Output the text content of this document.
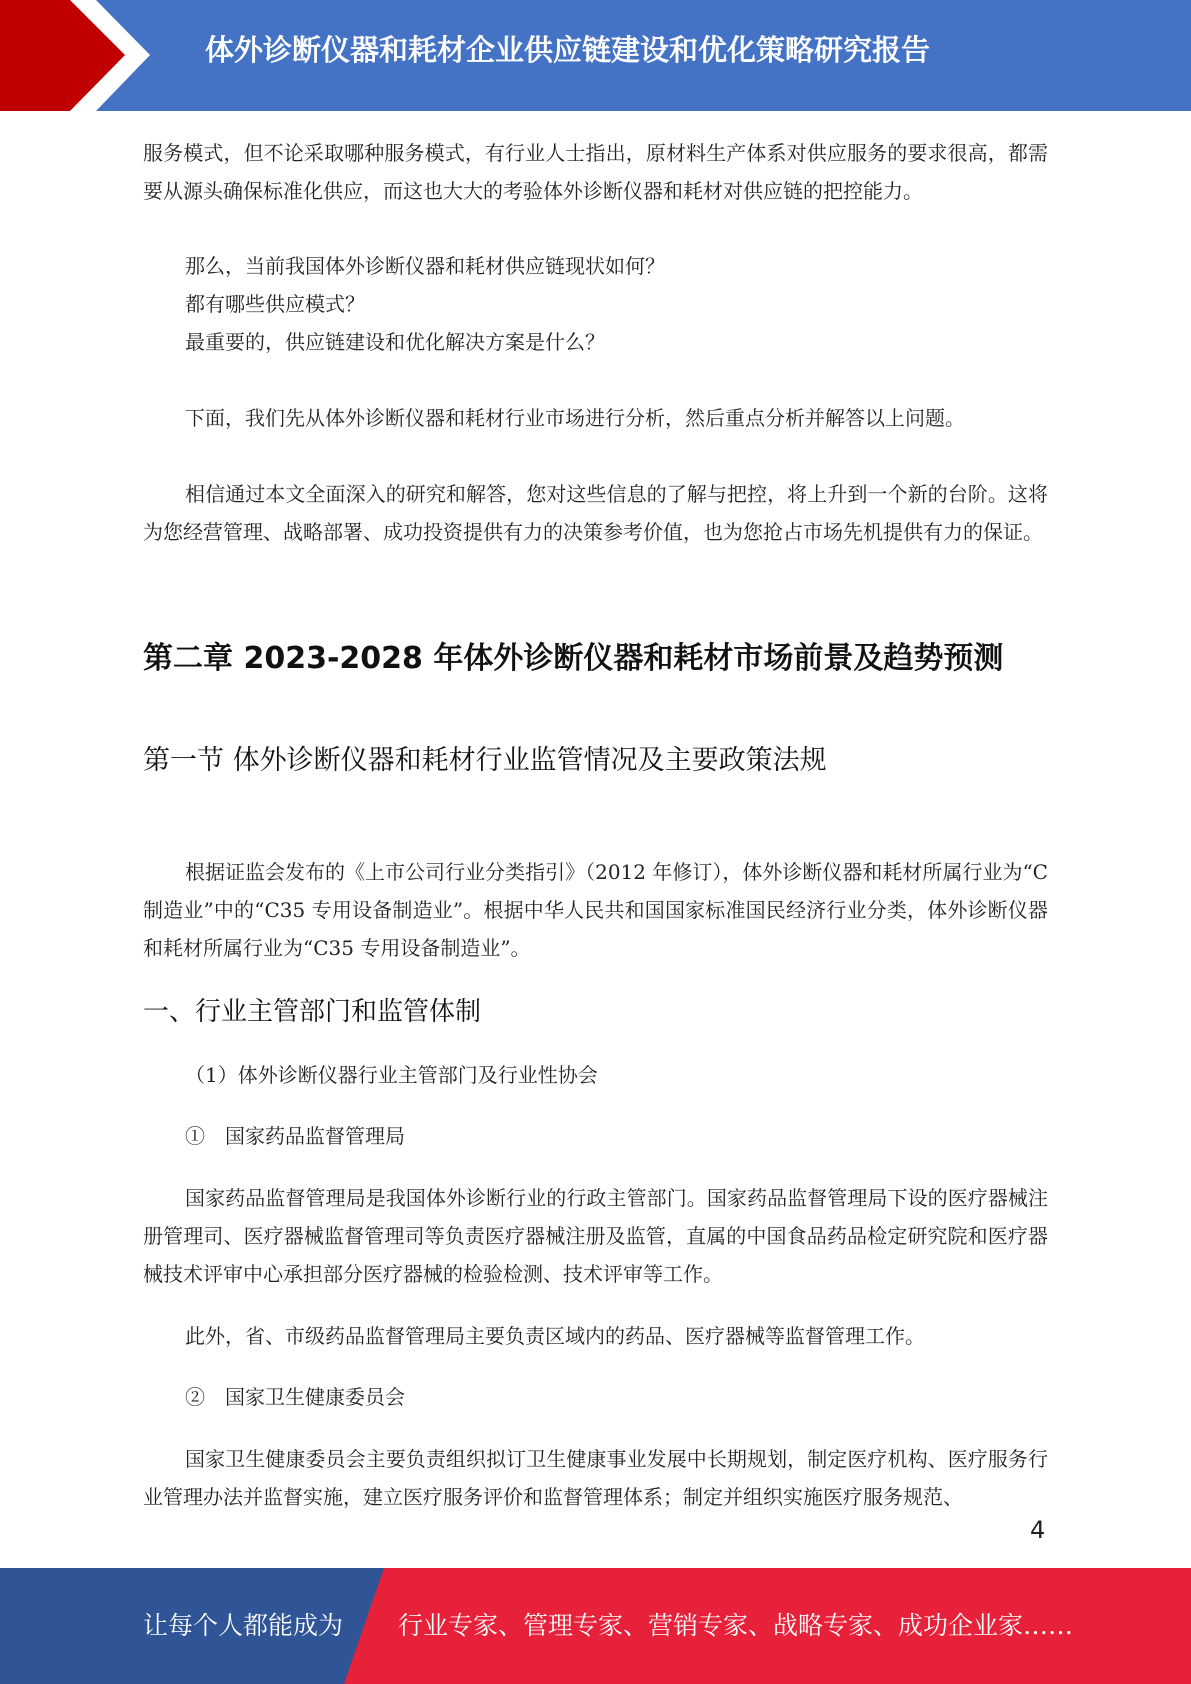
体外诊断仪器和耗材企业供应链建设和优化策略研究报告
服务模式，但不论采取哪种服务模式，有行业人士指出，原材料生产体系对供应服务的要求很高，都需要从源头确保标准化供应，而这也大大的考验体外诊断仪器和耗材对供应链的把控能力。
那么，当前我国体外诊断仪器和耗材供应链现状如何？
都有哪些供应模式？
最重要的，供应链建设和优化解决方案是什么？
下面，我们先从体外诊断仪器和耗材行业市场进行分析，然后重点分析并解答以上问题。
相信通过本文全面深入的研究和解答，您对这些信息的了解与把控，将上升到一个新的台阶。这将为您经营管理、战略部署、成功投资提供有力的决策参考价值，也为您抢占市场先机提供有力的保证。
第二章 2023-2028 年体外诊断仪器和耗材市场前景及趋势预测
第一节 体外诊断仪器和耗材行业监管情况及主要政策法规
根据证监会发布的《上市公司行业分类指引》（2012 年修订），体外诊断仪器和耗材所属行业为“C 制造业”中的“C35 专用设备制造业”。根据中华人民共和国国家标准国民经济行业分类，体外诊断仪器和耗材所属行业为“C35 专用设备制造业”。
一、行业主管部门和监管体制
（1）体外诊断仪器行业主管部门及行业性协会
①　国家药品监督管理局
国家药品监督管理局是我国体外诊断行业的行政主管部门。国家药品监督管理局下设的医疗器械注册管理司、医疗器械监督管理司等负责医疗器械注册及监管，直属的中国食品药品检定研究院和医疗器械技术评审中心承担部分医疗器械的检验检测、技术评审等工作。
此外，省、市级药品监督管理局主要负责区域内的药品、医疗器械等监督管理工作。
②　国家卫生健康委员会
国家卫生健康委员会主要负责组织拟订卫生健康事业发展中长期规划，制定医疗机构、医疗服务行业管理办法并监督实施，建立医疗服务评价和监督管理体系；制定并组织实施医疗服务规范、
4
让每个人都能成为 行业专家、管理专家、营销专家、战略专家、成功企业家……
